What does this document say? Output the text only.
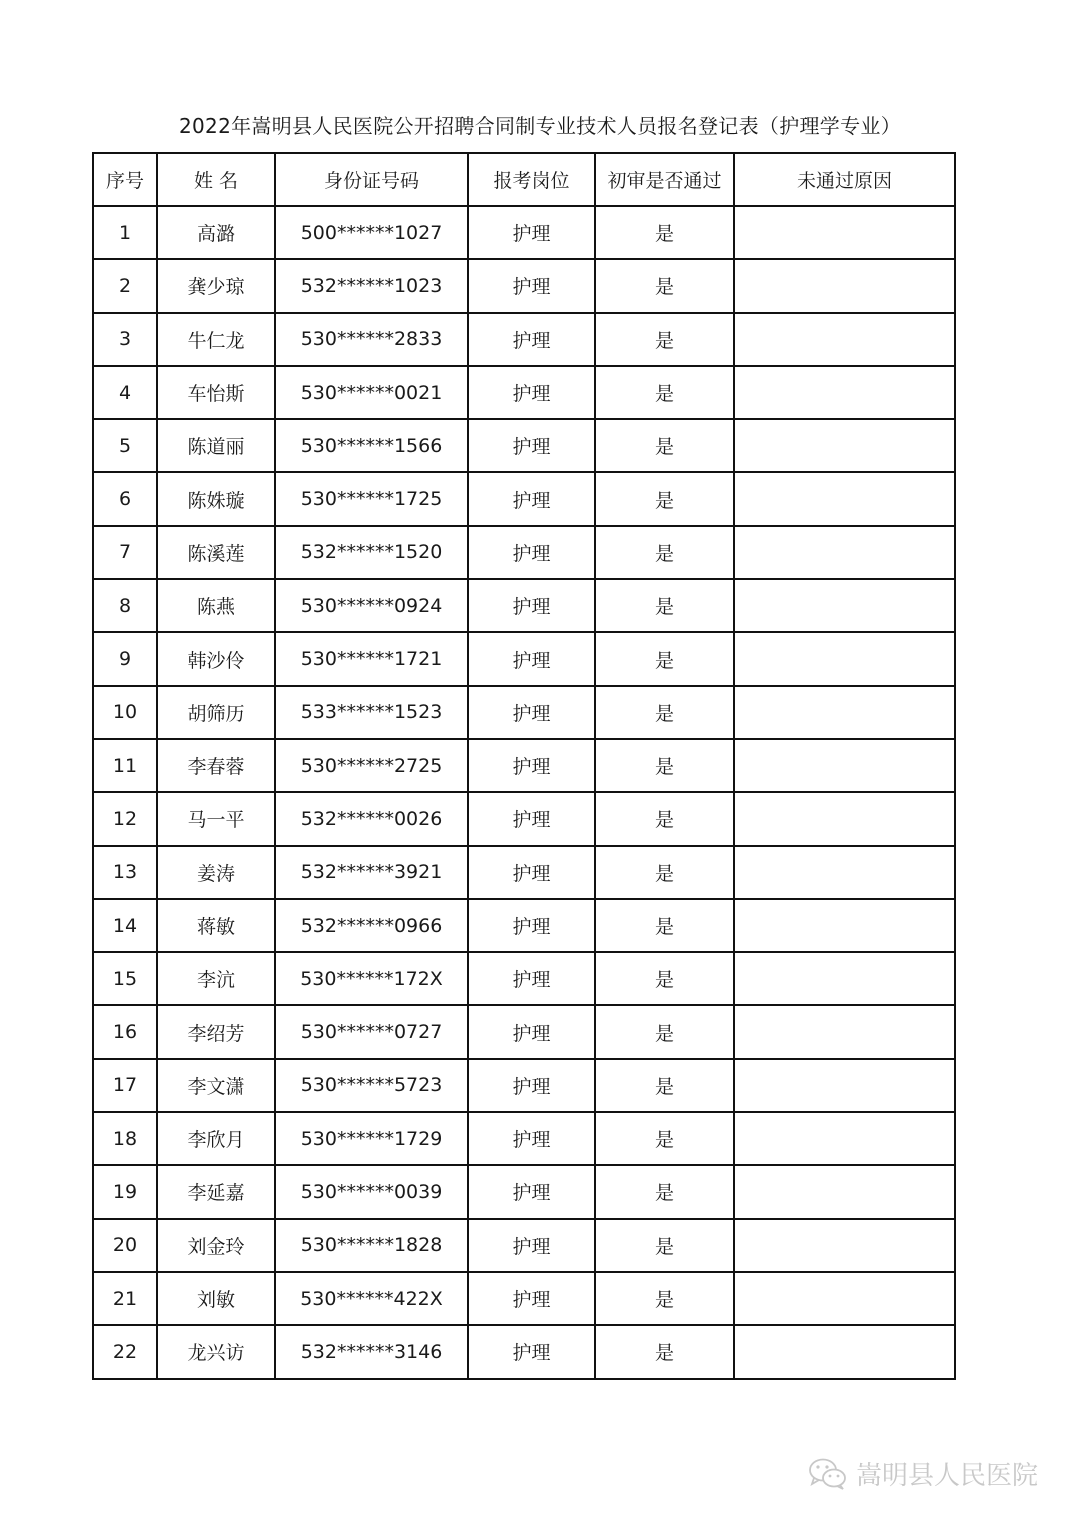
2022年嵩明县人民医院公开招聘合同制专业技术人员报名登记表（护理学专业）
序号	姓 名	身份证号码	报考岗位	初审是否通过	未通过原因
1	高潞	500******1027	护理	是	
2	龚少琼	532******1023	护理	是	
3	牛仁龙	530******2833	护理	是	
4	车怡斯	530******0021	护理	是	
5	陈道丽	530******1566	护理	是	
6	陈姝璇	530******1725	护理	是	
7	陈溪莲	532******1520	护理	是	
8	陈燕	530******0924	护理	是	
9	韩沙伶	530******1721	护理	是	
10	胡筛历	533******1523	护理	是	
11	李春蓉	530******2725	护理	是	
12	马一平	532******0026	护理	是	
13	姜涛	532******3921	护理	是	
14	蒋敏	532******0966	护理	是	
15	李沆	530******172X	护理	是	
16	李绍芳	530******0727	护理	是	
17	李文潇	530******5723	护理	是	
18	李欣月	530******1729	护理	是	
19	李延嘉	530******0039	护理	是	
20	刘金玲	530******1828	护理	是	
21	刘敏	530******422X	护理	是	
22	龙兴访	532******3146	护理	是	
嵩明县人民医院
